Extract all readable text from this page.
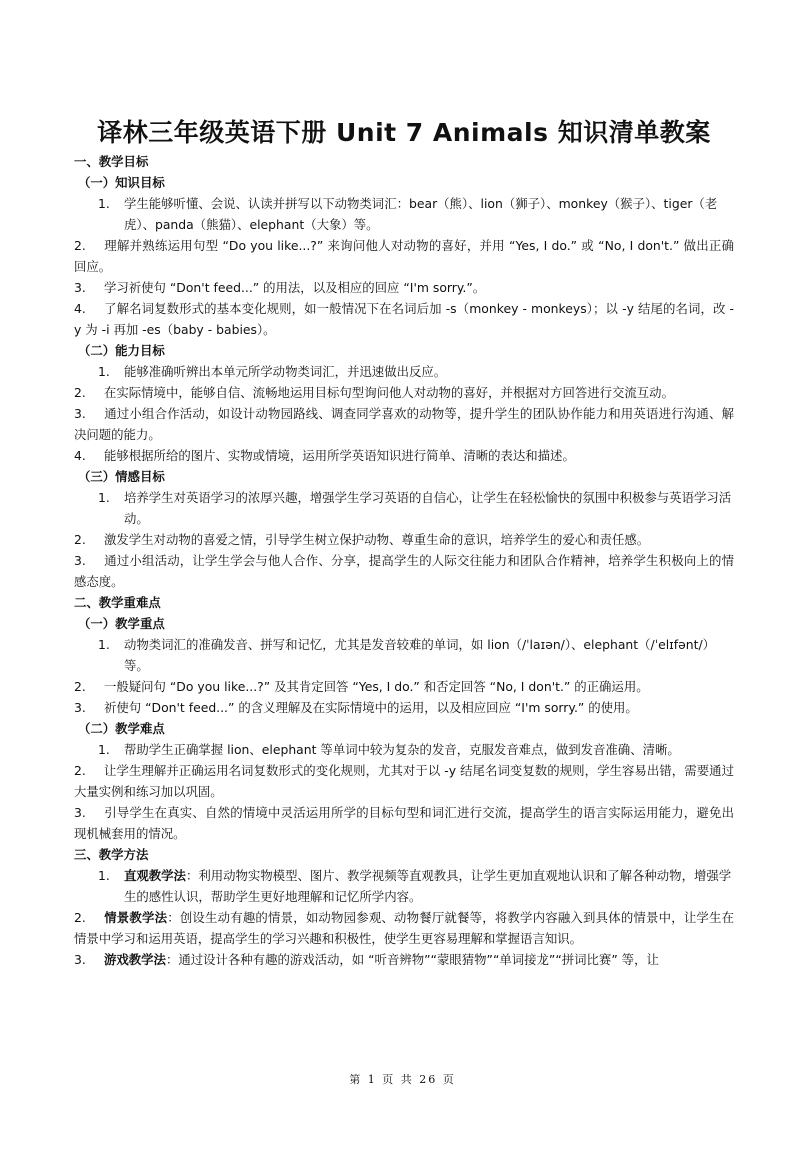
译林三年级英语下册 Unit 7 Animals 知识清单教案
一、教学目标
（一）知识目标
1.	学生能够听懂、会说、认读并拼写以下动物类词汇：bear（熊）、lion（狮子）、monkey（猴子）、tiger（老虎）、panda（熊猫）、elephant（大象）等。
2. 理解并熟练运用句型 “Do you like...?” 来询问他人对动物的喜好，并用 “Yes, I do.” 或 “No, I don't.” 做出正确回应。
3. 学习祈使句 “Don't feed...” 的用法，以及相应的回应 “I'm sorry.”。
4. 了解名词复数形式的基本变化规则，如一般情况下在名词后加 -s（monkey - monkeys）；以 -y 结尾的名词，改 -y 为 -i 再加 -es（baby - babies）。
（二）能力目标
1.	能够准确听辨出本单元所学动物类词汇，并迅速做出反应。
2. 在实际情境中，能够自信、流畅地运用目标句型询问他人对动物的喜好，并根据对方回答进行交流互动。
3. 通过小组合作活动，如设计动物园路线、调查同学喜欢的动物等，提升学生的团队协作能力和用英语进行沟通、解决问题的能力。
4. 能够根据所给的图片、实物或情境，运用所学英语知识进行简单、清晰的表达和描述。
（三）情感目标
1.	培养学生对英语学习的浓厚兴趣，增强学生学习英语的自信心，让学生在轻松愉快的氛围中积极参与英语学习活动。
2. 激发学生对动物的喜爱之情，引导学生树立保护动物、尊重生命的意识，培养学生的爱心和责任感。
3. 通过小组活动，让学生学会与他人合作、分享，提高学生的人际交往能力和团队合作精神，培养学生积极向上的情感态度。
二、教学重难点
（一）教学重点
1.	动物类词汇的准确发音、拼写和记忆，尤其是发音较难的单词，如 lion（/ˈlaɪən/）、elephant（/ˈelɪfənt/）等。
2. 一般疑问句 “Do you like...?” 及其肯定回答 “Yes, I do.” 和否定回答 “No, I don't.” 的正确运用。
3. 祈使句 “Don't feed...” 的含义理解及在实际情境中的运用，以及相应回应 “I'm sorry.” 的使用。
（二）教学难点
1.	帮助学生正确掌握 lion、elephant 等单词中较为复杂的发音，克服发音难点，做到发音准确、清晰。
2. 让学生理解并正确运用名词复数形式的变化规则，尤其对于以 -y 结尾名词变复数的规则，学生容易出错，需要通过大量实例和练习加以巩固。
3. 引导学生在真实、自然的情境中灵活运用所学的目标句型和词汇进行交流，提高学生的语言实际运用能力，避免出现机械套用的情况。
三、教学方法
1.	直观教学法：利用动物实物模型、图片、教学视频等直观教具，让学生更加直观地认识和了解各种动物，增强学生的感性认识，帮助学生更好地理解和记忆所学内容。
2. 情景教学法：创设生动有趣的情景，如动物园参观、动物餐厅就餐等，将教学内容融入到具体的情景中，让学生在情景中学习和运用英语，提高学生的学习兴趣和积极性，使学生更容易理解和掌握语言知识。
3. 游戏教学法：通过设计各种有趣的游戏活动，如 “听音辨物”“蒙眼猜物”“单词接龙”“拼词比赛” 等，让
第 1 页 共 26 页
